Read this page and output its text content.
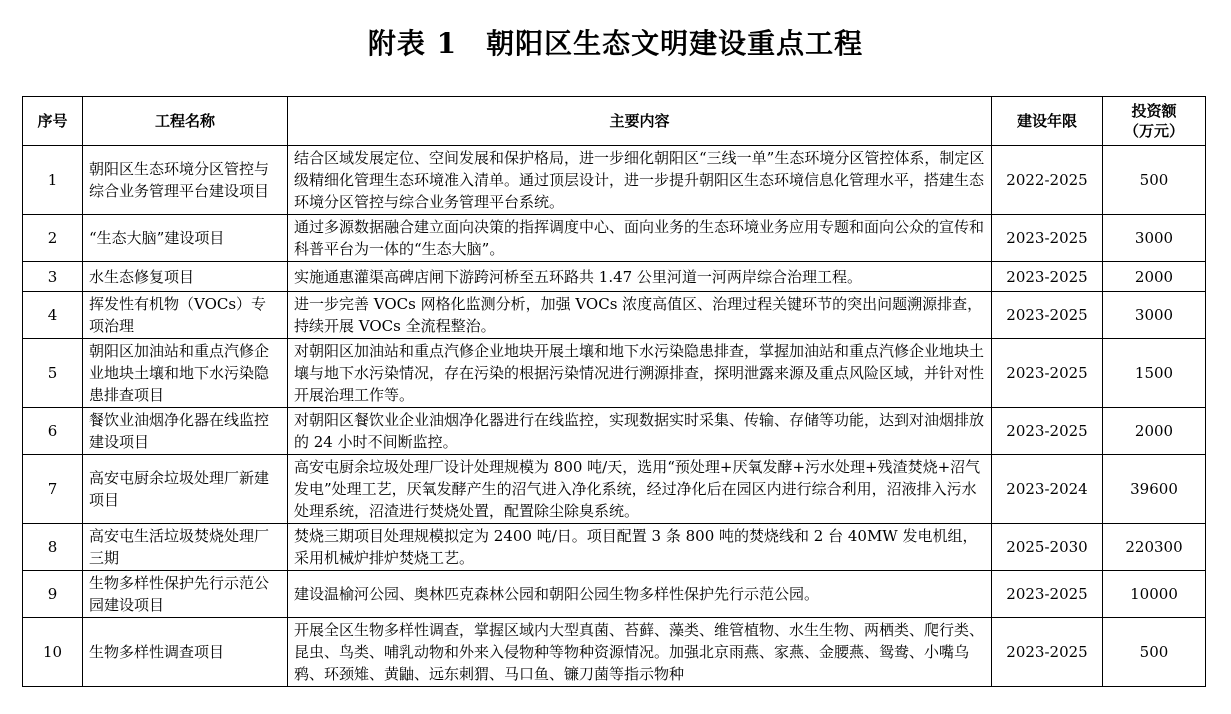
附表 1　朝阳区生态文明建设重点工程
序号	工程名称	主要内容	建设年限	投资额
（万元）
1	朝阳区生态环境分区管控与综合业务管理平台建设项目	结合区域发展定位、空间发展和保护格局，进一步细化朝阳区“三线一单”生态环境分区管控体系，制定区级精细化管理生态环境准入清单。通过顶层设计，进一步提升朝阳区生态环境信息化管理水平，搭建生态环境分区管控与综合业务管理平台系统。	2022-2025	500
2	“生态大脑”建设项目	通过多源数据融合建立面向决策的指挥调度中心、面向业务的生态环境业务应用专题和面向公众的宣传和科普平台为一体的“生态大脑”。	2023-2025	3000
3	水生态修复项目	实施通惠灌渠高碑店闸下游跨河桥至五环路共 1.47 公里河道一河两岸综合治理工程。	2023-2025	2000
4	挥发性有机物（VOCs）专项治理	进一步完善 VOCs 网格化监测分析，加强 VOCs 浓度高值区、治理过程关键环节的突出问题溯源排查，持续开展 VOCs 全流程整治。	2023-2025	3000
5	朝阳区加油站和重点汽修企业地块土壤和地下水污染隐患排查项目	对朝阳区加油站和重点汽修企业地块开展土壤和地下水污染隐患排查，掌握加油站和重点汽修企业地块土壤与地下水污染情况，存在污染的根据污染情况进行溯源排查，探明泄露来源及重点风险区域，并针对性开展治理工作等。	2023-2025	1500
6	餐饮业油烟净化器在线监控建设项目	对朝阳区餐饮业企业油烟净化器进行在线监控，实现数据实时采集、传输、存储等功能，达到对油烟排放的 24 小时不间断监控。	2023-2025	2000
7	高安屯厨余垃圾处理厂新建项目	高安屯厨余垃圾处理厂设计处理规模为 800 吨/天，选用“预处理+厌氧发酵+污水处理+残渣焚烧+沼气发电”处理工艺，厌氧发酵产生的沼气进入净化系统，经过净化后在园区内进行综合利用，沼液排入污水处理系统，沼渣进行焚烧处置，配置除尘除臭系统。	2023-2024	39600
8	高安屯生活垃圾焚烧处理厂三期	焚烧三期项目处理规模拟定为 2400 吨/日。项目配置 3 条 800 吨的焚烧线和 2 台 40MW 发电机组，采用机械炉排炉焚烧工艺。	2025-2030	220300
9	生物多样性保护先行示范公园建设项目	建设温榆河公园、奥林匹克森林公园和朝阳公园生物多样性保护先行示范公园。	2023-2025	10000
10	生物多样性调查项目	开展全区生物多样性调查，掌握区域内大型真菌、苔藓、藻类、维管植物、水生生物、两栖类、爬行类、昆虫、鸟类、哺乳动物和外来入侵物种等物种资源情况。加强北京雨燕、家燕、金腰燕、鸳鸯、小嘴乌鸦、环颈雉、黄鼬、远东刺猬、马口鱼、镰刀菌等指示物种	2023-2025	500
